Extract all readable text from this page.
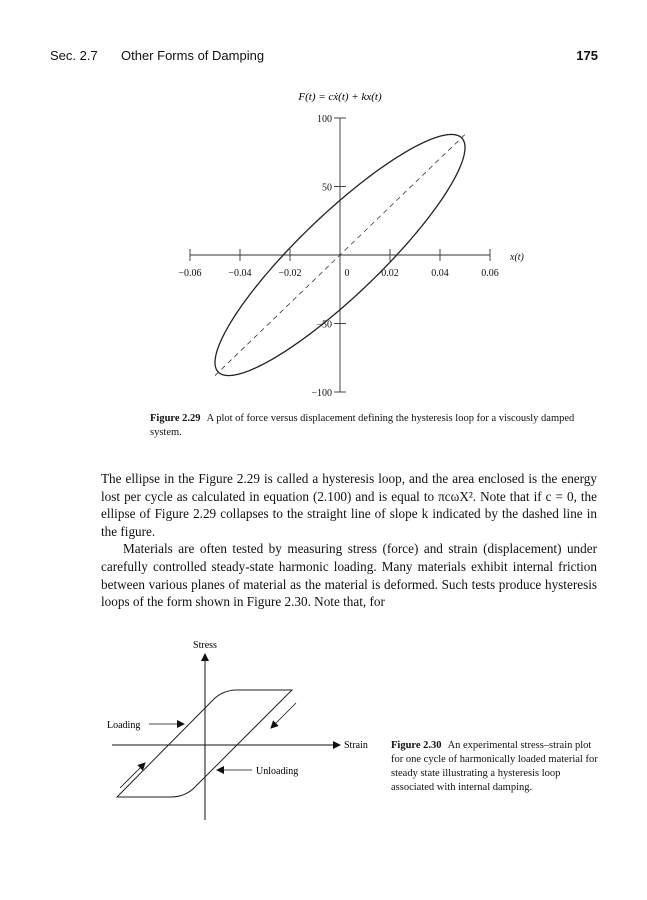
Sec. 2.7 Other Forms of Damping	175
F(t) = cẋ(t) + kx(t)
−0.06	−0.04	−0.02	0	0.02	0.04	0.06
100
50
−50
−100
x(t)
Figure 2.29 A plot of force versus displacement defining the hysteresis loop for a viscously damped system.

The ellipse in the Figure 2.29 is called a hysteresis loop, and the area enclosed is the energy lost per cycle as calculated in equation (2.100) and is equal to πcωX². Note that if c = 0, the ellipse of Figure 2.29 collapses to the straight line of slope k indicated by the dashed line in the figure.

Materials are often tested by measuring stress (force) and strain (displacement) under carefully controlled steady-state harmonic loading. Many materials exhibit internal friction between various planes of material as the material is deformed. Such tests produce hysteresis loops of the form shown in Figure 2.30. Note that, for

Stress
Strain
Loading
Unloading
Figure 2.30 An experimental stress–strain plot for one cycle of harmonically loaded material for steady state illustrating a hysteresis loop associated with internal damping.
